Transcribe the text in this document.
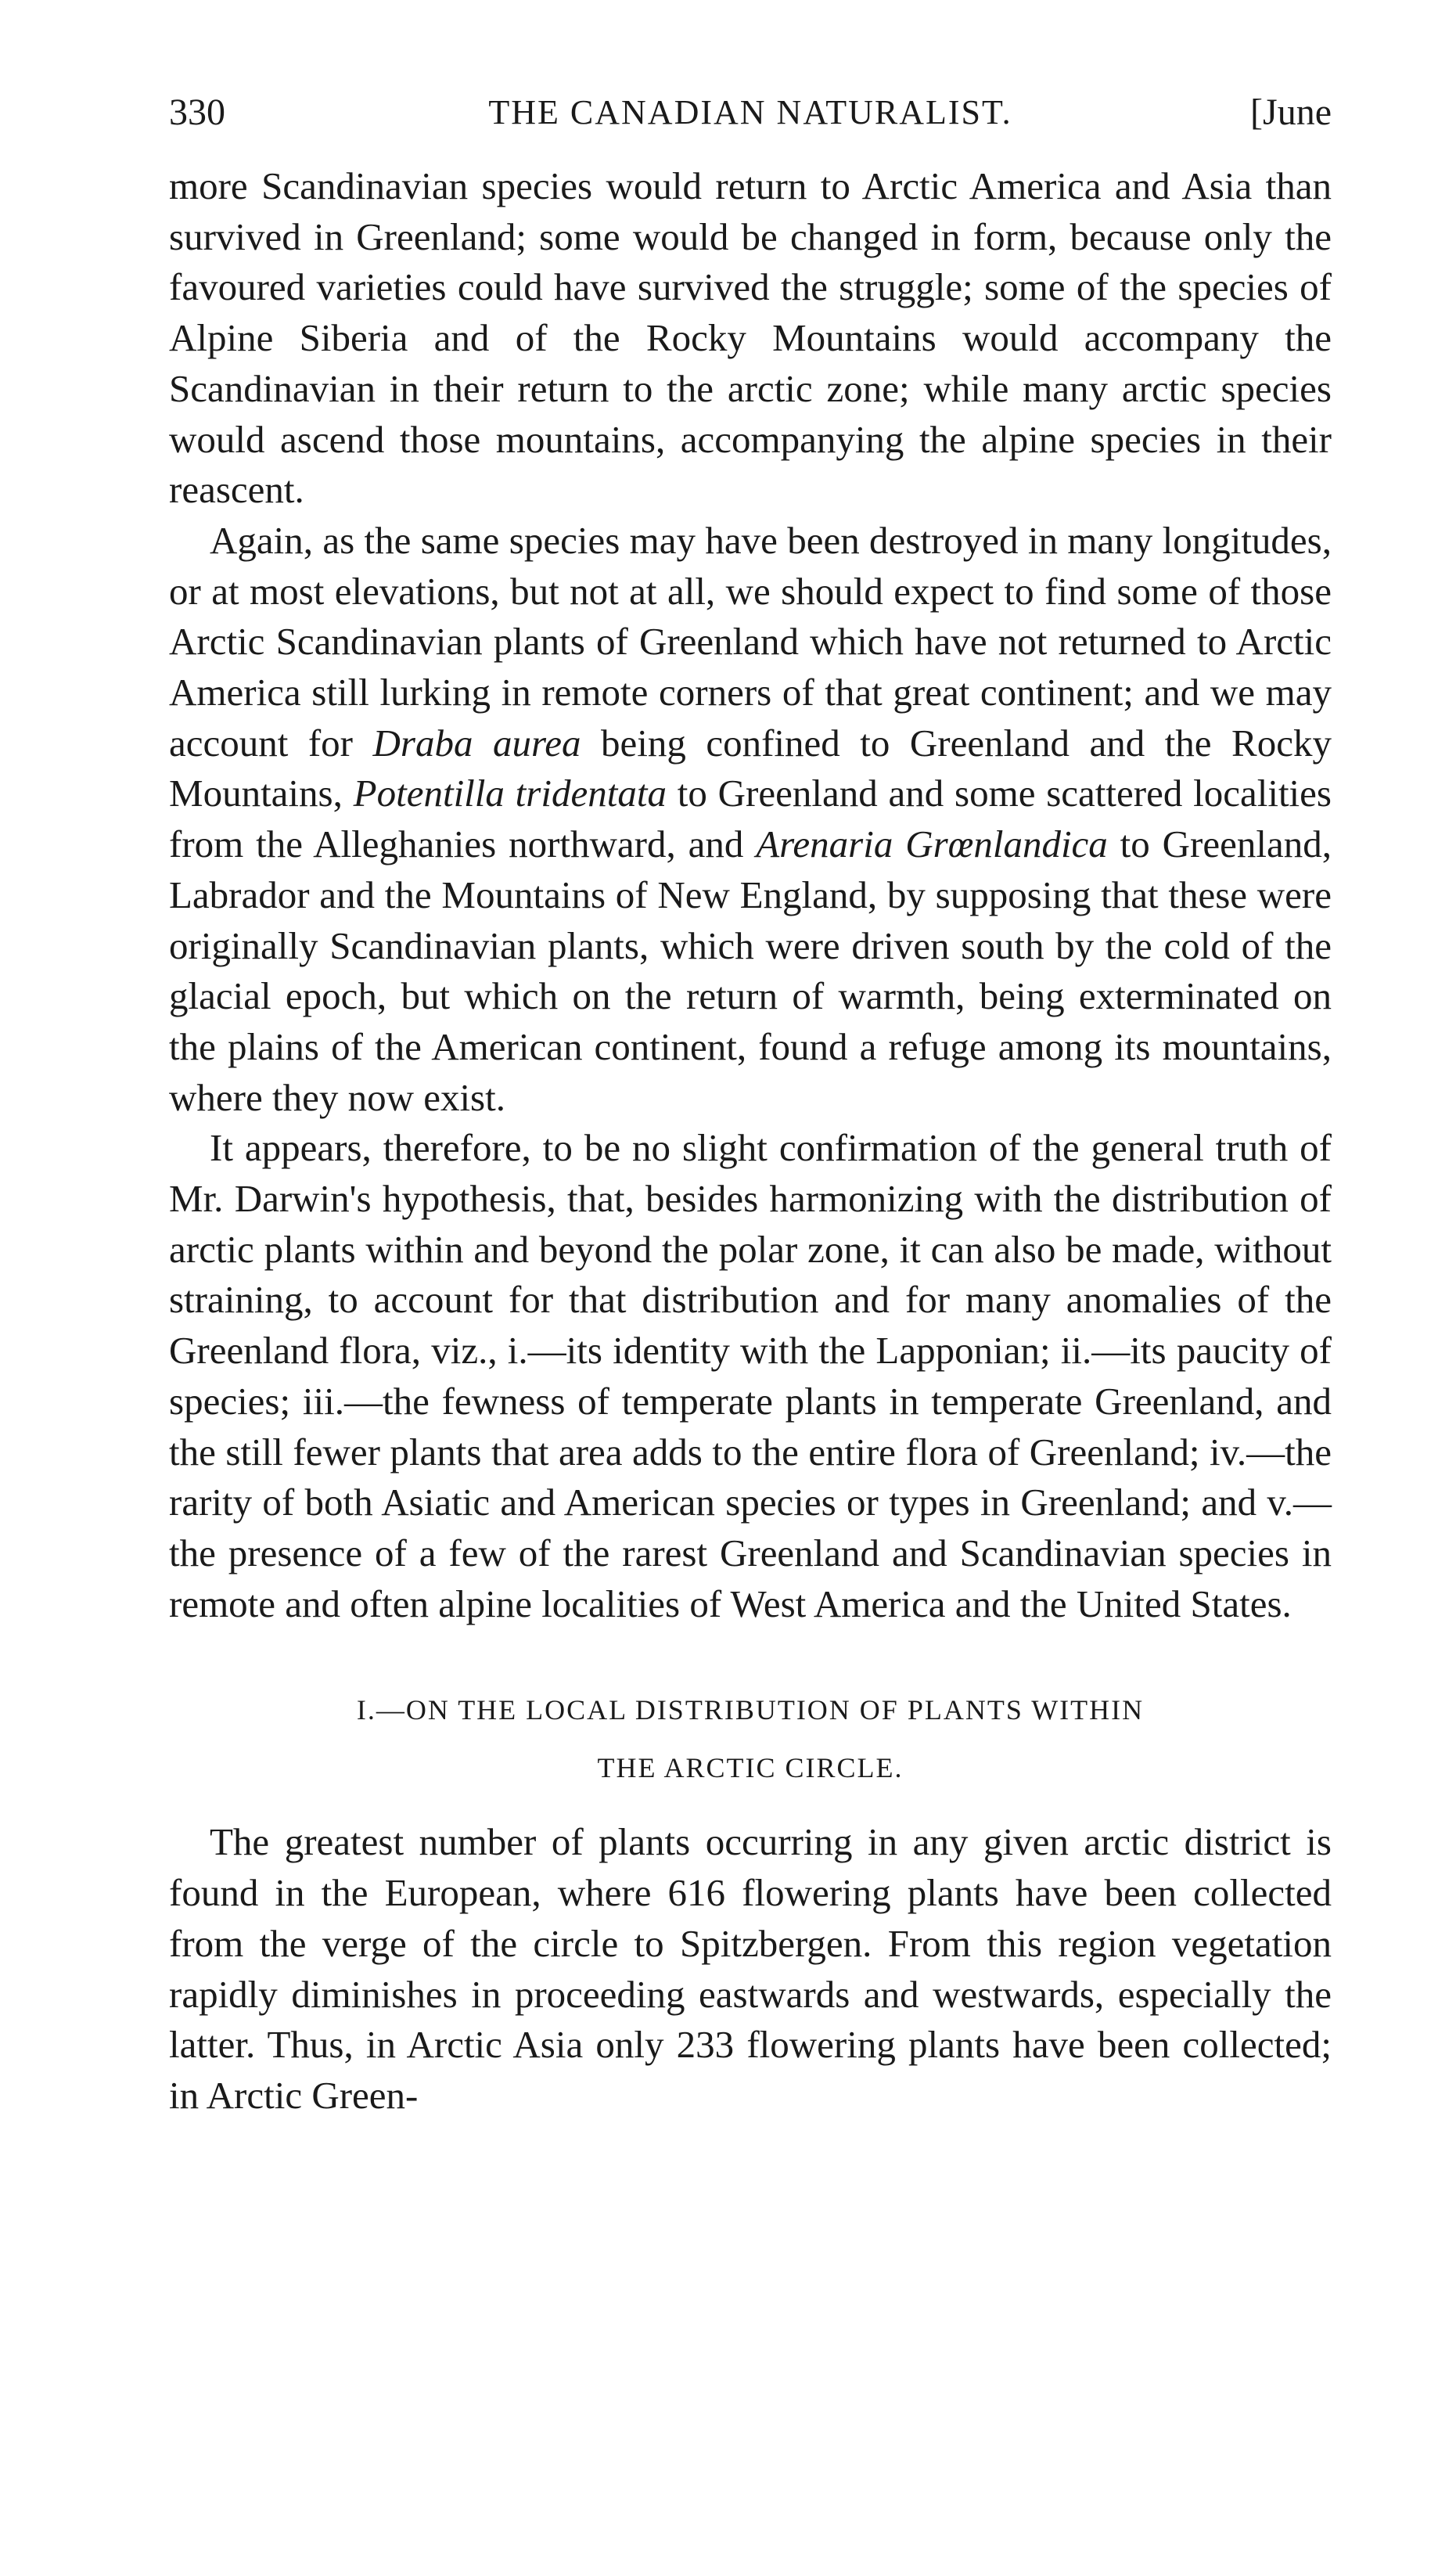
330	THE CANADIAN NATURALIST.	[June

more Scandinavian species would return to Arctic America and Asia than survived in Greenland; some would be changed in form, because only the favoured varieties could have survived the struggle; some of the species of Alpine Siberia and of the Rocky Mountains would accompany the Scandinavian in their return to the arctic zone; while many arctic species would ascend those mountains, accompanying the alpine species in their reascent.

Again, as the same species may have been destroyed in many longitudes, or at most elevations, but not at all, we should expect to find some of those Arctic Scandinavian plants of Greenland which have not returned to Arctic America still lurking in remote corners of that great continent; and we may account for Draba aurea being confined to Greenland and the Rocky Mountains, Potentilla tridentata to Greenland and some scattered localities from the Alleghanies northward, and Arenaria Grœnlandica to Greenland, Labrador and the Mountains of New England, by supposing that these were originally Scandinavian plants, which were driven south by the cold of the glacial epoch, but which on the return of warmth, being exterminated on the plains of the American continent, found a refuge among its mountains, where they now exist.

It appears, therefore, to be no slight confirmation of the general truth of Mr. Darwin's hypothesis, that, besides harmonizing with the distribution of arctic plants within and beyond the polar zone, it can also be made, without straining, to account for that distribution and for many anomalies of the Greenland flora, viz., i.—its identity with the Lapponian; ii.—its paucity of species; iii.—the fewness of temperate plants in temperate Greenland, and the still fewer plants that area adds to the entire flora of Greenland; iv.—the rarity of both Asiatic and American species or types in Greenland; and v.—the presence of a few of the rarest Greenland and Scandinavian species in remote and often alpine localities of West America and the United States.

I.—ON THE LOCAL DISTRIBUTION OF PLANTS WITHIN
THE ARCTIC CIRCLE.

The greatest number of plants occurring in any given arctic district is found in the European, where 616 flowering plants have been collected from the verge of the circle to Spitzbergen. From this region vegetation rapidly diminishes in proceeding eastwards and westwards, especially the latter. Thus, in Arctic Asia only 233 flowering plants have been collected; in Arctic Green-
